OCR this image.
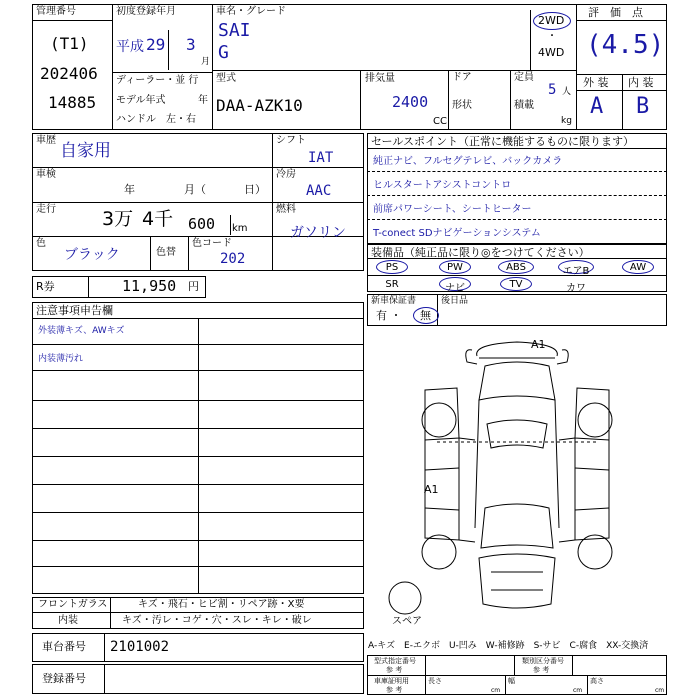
管理番号
(T1)
202406
14885
初度登録年月
平成 29 3
月
ディーラー・並 行
モデル年式	年
ハンドル　左・右
車名・グレード
SAI
G
2WD
・
4WD
型式
DAA-AZK10
排気量
2400
CC
ドア
形状
定員
5 人
積載
kg
評　価　点
(4.5)
外 装 内 装
A B
車歴
自家用
車検
年	月（	日）
走行 3万 4千 600 km
色
ブラック	色替
色コード
202
シフト
IAT
冷房
AAC
燃料
ガソリン
R券	11,950 円
セールスポイント（正常に機能するものに限ります）
純正ナビ、フルセグテレビ、バックカメラ
ヒルスタートアシストコントロ
前席パワーシート、シートヒーター
T-conect SDナビゲーションシステム
装備品（純正品に限り◎をつけてください）
PS	PW	ABS	エアB	AW
SR	ナビ	TV	カワ
新車保証書
有 ・ 無
後日品
注意事項申告欄
外装薄キズ、AWキズ
内装薄汚れ
A1
A1
スペア
フロントガラス	キズ・飛石・ヒビ割・リペア跡・X要
内装	キズ・汚レ・コゲ・穴・スレ・キレ・破レ
車台番号 2101002
登録番号
A-キズ　E-エクボ　U-凹み　W-補修跡　S-サビ　C-腐食　XX-交換済
型式指定番号
参 考
類別区分番号
参 考
車庫証明用
参 考
長さ
cm
幅
cm
高さ
cm
